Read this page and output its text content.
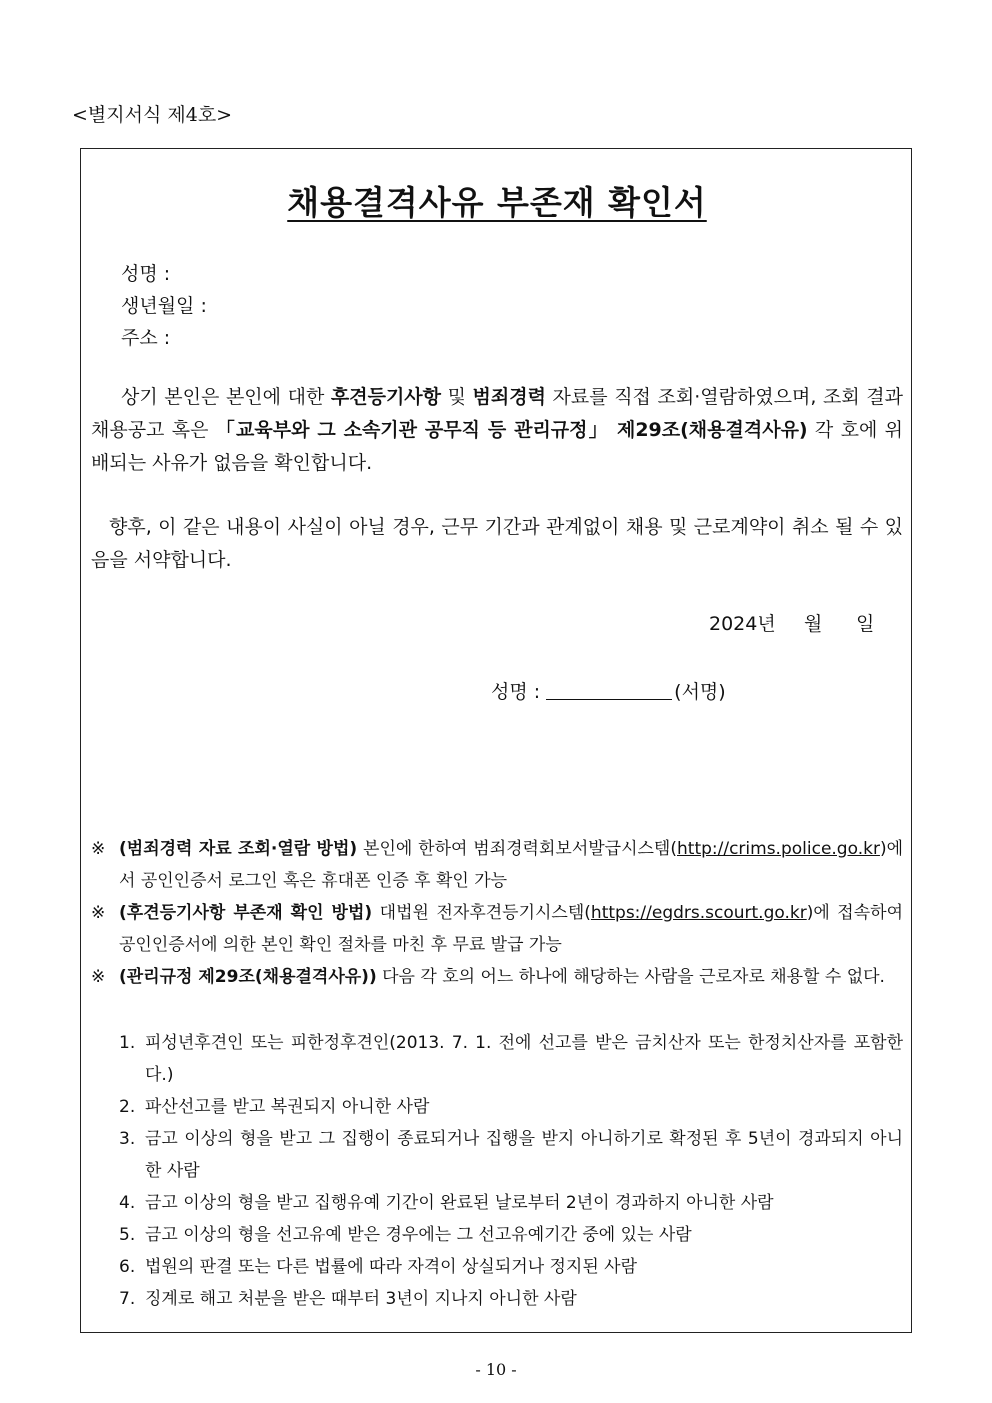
<별지서식 제4호>
채용결격사유 부존재 확인서
성명 :
생년월일 :
주소 :
상기 본인은 본인에 대한 후견등기사항 및 범죄경력 자료를 직접 조회·열람하였으며, 조회 결과 채용공고 혹은 「교육부와 그 소속기관 공무직 등 관리규정」 제29조(채용결격사유) 각 호에 위배되는 사유가 없음을 확인합니다.
향후, 이 같은 내용이 사실이 아닐 경우, 근무 기간과 관계없이 채용 및 근로계약이 취소 될 수 있음을 서약합니다.
2024년 월 일
성명 :	(서명)
※ (범죄경력 자료 조회·열람 방법) 본인에 한하여 범죄경력회보서발급시스템(http://crims.police.go.kr)에서 공인인증서 로그인 혹은 휴대폰 인증 후 확인 가능
※ (후견등기사항 부존재 확인 방법) 대법원 전자후견등기시스템(https://egdrs.scourt.go.kr)에 접속하여 공인인증서에 의한 본인 확인 절차를 마친 후 무료 발급 가능
※ (관리규정 제29조(채용결격사유)) 다음 각 호의 어느 하나에 해당하는 사람을 근로자로 채용할 수 없다.
1. 피성년후견인 또는 피한정후견인(2013. 7. 1. 전에 선고를 받은 금치산자 또는 한정치산자를 포함한다.)
2. 파산선고를 받고 복권되지 아니한 사람
3. 금고 이상의 형을 받고 그 집행이 종료되거나 집행을 받지 아니하기로 확정된 후 5년이 경과되지 아니한 사람
4. 금고 이상의 형을 받고 집행유예 기간이 완료된 날로부터 2년이 경과하지 아니한 사람
5. 금고 이상의 형을 선고유예 받은 경우에는 그 선고유예기간 중에 있는 사람
6. 법원의 판결 또는 다른 법률에 따라 자격이 상실되거나 정지된 사람
7. 징계로 해고 처분을 받은 때부터 3년이 지나지 아니한 사람
- 10 -
